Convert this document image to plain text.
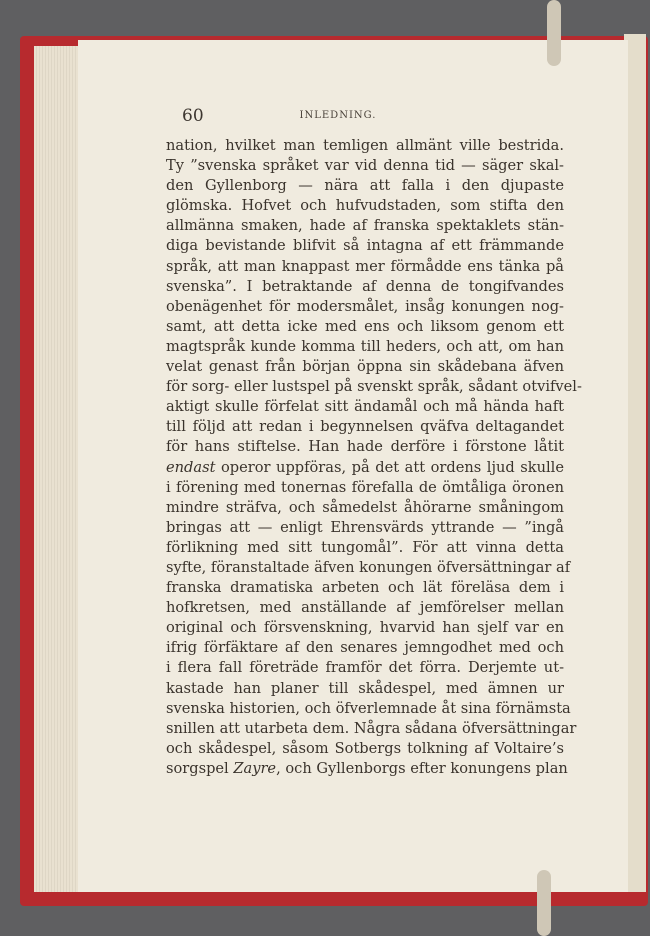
60	INLEDNING.
nation, hvilket man temligen allmänt ville bestrida.
Ty ”svenska språket var vid denna tid — säger skal-
den Gyllenborg — nära att falla i den djupaste
glömska. Hofvet och hufvudstaden, som stifta den
allmänna smaken, hade af franska spektaklets stän-
diga bevistande blifvit så intagna af ett främmande
språk, att man knappast mer förmådde ens tänka på
svenska”. I betraktande af denna de tongifvandes
obenägenhet för modersmålet, insåg konungen nog-
samt, att detta icke med ens och liksom genom ett
magtspråk kunde komma till heders, och att, om han
velat genast från början öppna sin skådebana äfven
för sorg- eller lustspel på svenskt språk, sådant otvifvel-
aktigt skulle förfelat sitt ändamål och må hända haft
till följd att redan i begynnelsen qväfva deltagandet
för hans stiftelse. Han hade derföre i förstone låtit
endast operor uppföras, på det att ordens ljud skulle
i förening med tonernas förefalla de ömtåliga öronen
mindre sträfva, och såmedelst åhörarne småningom
bringas att — enligt Ehrensvärds yttrande — ”ingå
förlikning med sitt tungomål”. För att vinna detta
syfte, föranstaltade äfven konungen öfversättningar af
franska dramatiska arbeten och lät föreläsa dem i
hofkretsen, med anställande af jemförelser mellan
original och försvenskning, hvarvid han sjelf var en
ifrig förfäktare af den senares jemngodhet med och
i flera fall företräde framför det förra. Derjemte ut-
kastade han planer till skådespel, med ämnen ur
svenska historien, och öfverlemnade åt sina förnämsta
snillen att utarbeta dem. Några sådana öfversättningar
och skådespel, såsom Sotbergs tolkning af Voltaire’s
sorgspel Zayre, och Gyllenborgs efter konungens plan
